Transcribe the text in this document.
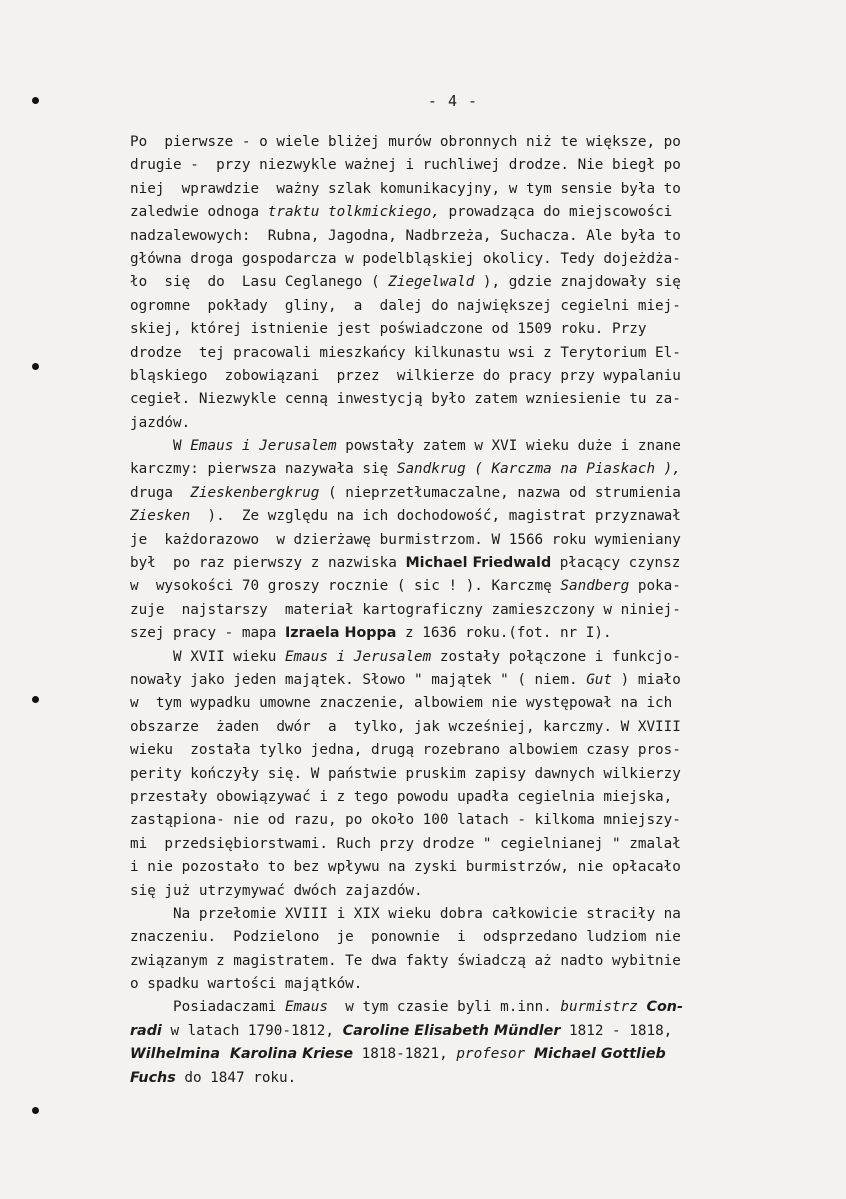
- 4 -
Po  pierwsze - o wiele bliżej murów obronnych niż te większe, po
drugie -  przy niezwykle ważnej i ruchliwej drodze. Nie biegł po
niej  wprawdzie  ważny szlak komunikacyjny, w tym sensie była to
zaledwie odnoga traktu tolkmickiego, prowadząca do miejscowości
nadzalewowych:  Rubna, Jagodna, Nadbrzeża, Suchacza. Ale była to
główna droga gospodarcza w podelbląskiej okolicy. Tedy dojeżdża-
ło  się  do  Lasu Ceglanego ( Ziegelwald ), gdzie znajdowały się
ogromne  pokłady  gliny,  a  dalej do największej cegielni miej-
skiej, której istnienie jest poświadczone od 1509 roku. Przy
drodze  tej pracowali mieszkańcy kilkunastu wsi z Terytorium El-
bląskiego  zobowiązani  przez  wilkierze do pracy przy wypalaniu
cegieł. Niezwykle cenną inwestycją było zatem wzniesienie tu za-
jazdów.
W Emaus i Jerusalem powstały zatem w XVI wieku duże i znane
karczmy: pierwsza nazywała się Sandkrug ( Karczma na Piaskach ),
druga  Zieskenbergkrug ( nieprzetłumaczalne, nazwa od strumienia
Ziesken  ).  Ze względu na ich dochodowość, magistrat przyznawał
je  każdorazowo  w dzierżawę burmistrzom. W 1566 roku wymieniany
był  po raz pierwszy z nazwiska Michael Friedwald płacący czynsz
w  wysokości 70 groszy rocznie ( sic ! ). Karczmę Sandberg poka-
zuje  najstarszy  materiał kartograficzny zamieszczony w niniej-
szej pracy - mapa Izraela Hoppa z 1636 roku.(fot. nr I).
W XVII wieku Emaus i Jerusalem zostały połączone i funkcjo-
nowały jako jeden majątek. Słowo " majątek " ( niem. Gut ) miało
w  tym wypadku umowne znaczenie, albowiem nie występował na ich
obszarze  żaden  dwór  a  tylko, jak wcześniej, karczmy. W XVIII
wieku  została tylko jedna, drugą rozebrano albowiem czasy pros-
perity kończyły się. W państwie pruskim zapisy dawnych wilkierzy
przestały obowiązywać i z tego powodu upadła cegielnia miejska,
zastąpiona- nie od razu, po około 100 latach - kilkoma mniejszy-
mi  przedsiębiorstwami. Ruch przy drodze " cegielnianej " zmalał
i nie pozostało to bez wpływu na zyski burmistrzów, nie opłacało
się już utrzymywać dwóch zajazdów.
Na przełomie XVIII i XIX wieku dobra całkowicie straciły na
znaczeniu.  Podzielono  je  ponownie  i  odsprzedano ludziom nie
związanym z magistratem. Te dwa fakty świadczą aż nadto wybitnie
o spadku wartości majątków.
Posiadaczami Emaus  w tym czasie byli m.inn. burmistrz Con-
radi w latach 1790-1812, Caroline Elisabeth Mündler 1812 - 1818,
Wilhelmina  Karolina Kriese 1818-1821, profesor Michael Gottlieb
Fuchs do 1847 roku.
